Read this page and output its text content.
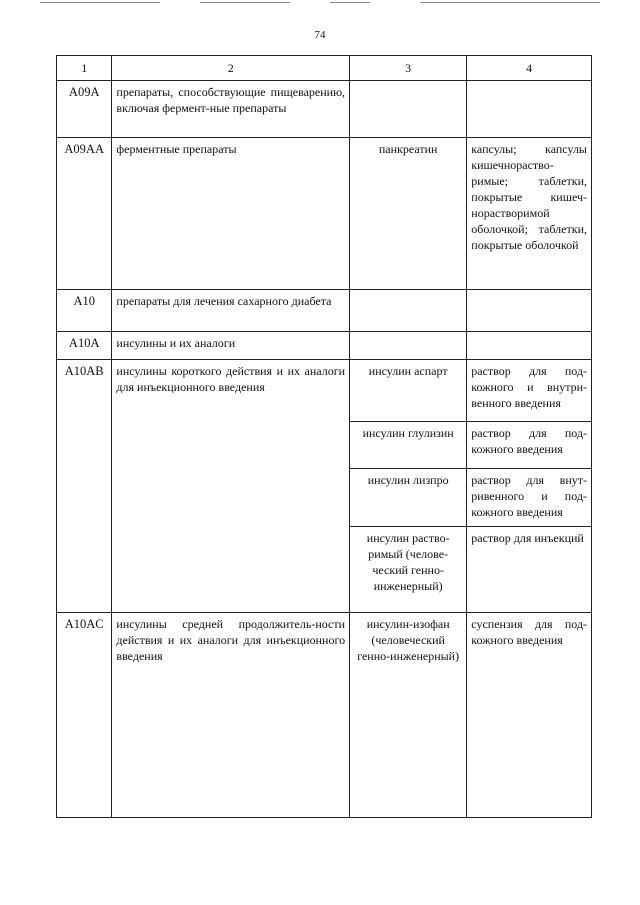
74
1	2	3	4
A09A	препараты, способствующие пищеварению, включая фермент-ные препараты		
A09AA	ферментные препараты	панкреатин	капсулы; капсулы кишечнораство-римые; таблетки, покрытые кишеч-норастворимой оболочкой; таблетки, покрытые оболочкой
A10	препараты для лечения сахарного диабета		
A10A	инсулины и их аналоги		
A10AB	инсулины короткого действия и их аналоги для инъекционного введения	инсулин аспарт	раствор для под-кожного и внутри-венного введения
		инсулин глулизин	раствор для под-кожного введения
		инсулин лизпро	раствор для внут-ривенного и под-кожного введения
		инсулин раство-римый (челове-ческий генно-инженерный)	раствор для инъекций
A10AC	инсулины средней продолжитель-ности действия и их аналоги для инъекционного введения	инсулин-изофан (человеческий генно-инженерный)	суспензия для под-кожного введения
